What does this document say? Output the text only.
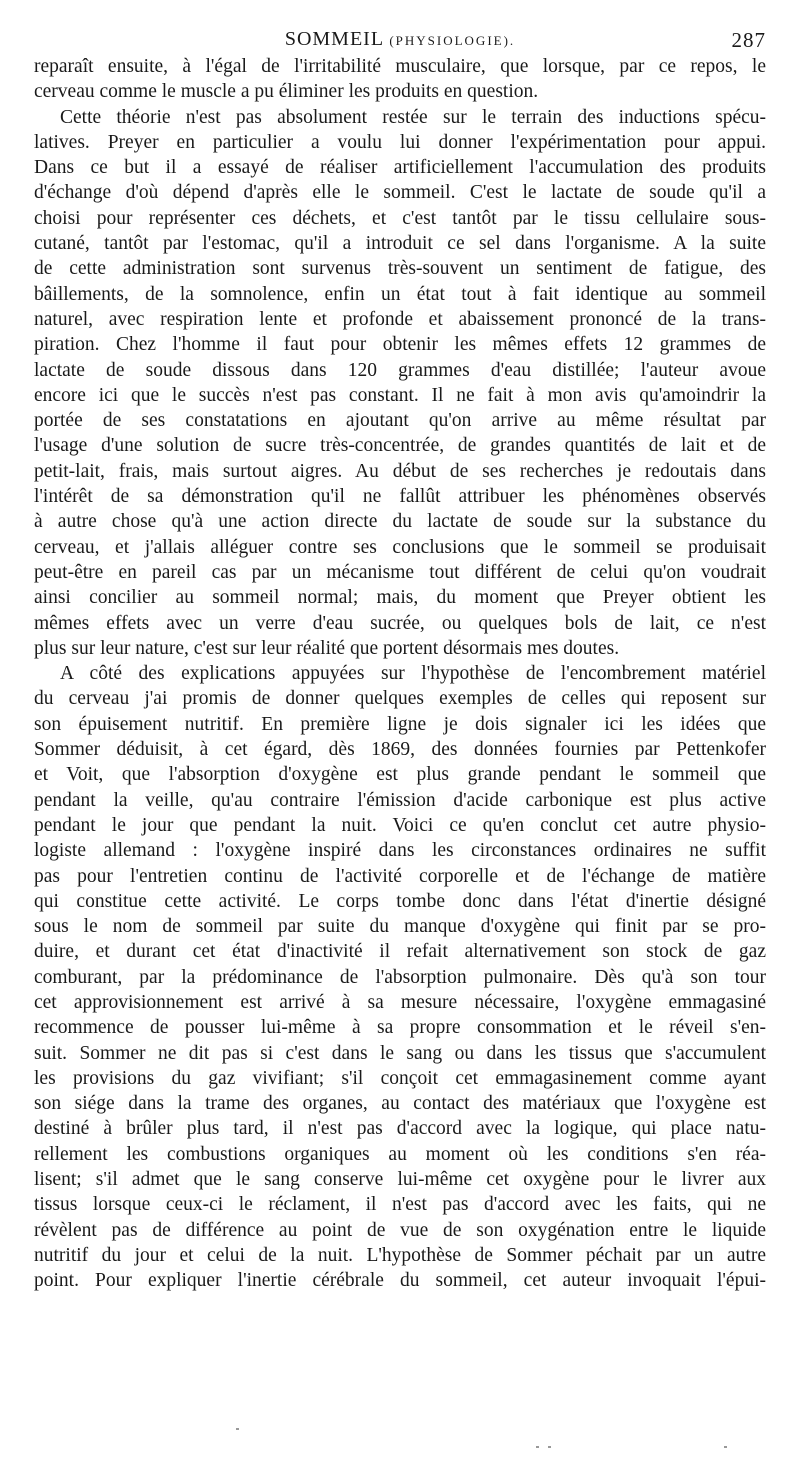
SOMMEIL (PHYSIOLOGIE).	287
reparaît ensuite, à l'égal de l'irritabilité musculaire, que lorsque, par ce repos, le
cerveau comme le muscle a pu éliminer les produits en question.
Cette théorie n'est pas absolument restée sur le terrain des inductions spécu-
latives. Preyer en particulier a voulu lui donner l'expérimentation pour appui.
Dans ce but il a essayé de réaliser artificiellement l'accumulation des produits
d'échange d'où dépend d'après elle le sommeil. C'est le lactate de soude qu'il a
choisi pour représenter ces déchets, et c'est tantôt par le tissu cellulaire sous-
cutané, tantôt par l'estomac, qu'il a introduit ce sel dans l'organisme. A la suite
de cette administration sont survenus très-souvent un sentiment de fatigue, des
bâillements, de la somnolence, enfin un état tout à fait identique au sommeil
naturel, avec respiration lente et profonde et abaissement prononcé de la trans-
piration. Chez l'homme il faut pour obtenir les mêmes effets 12 grammes de
lactate de soude dissous dans 120 grammes d'eau distillée; l'auteur avoue
encore ici que le succès n'est pas constant. Il ne fait à mon avis qu'amoindrir la
portée de ses constatations en ajoutant qu'on arrive au même résultat par
l'usage d'une solution de sucre très-concentrée, de grandes quantités de lait et de
petit-lait, frais, mais surtout aigres. Au début de ses recherches je redoutais dans
l'intérêt de sa démonstration qu'il ne fallût attribuer les phénomènes observés
à autre chose qu'à une action directe du lactate de soude sur la substance du
cerveau, et j'allais alléguer contre ses conclusions que le sommeil se produisait
peut-être en pareil cas par un mécanisme tout différent de celui qu'on voudrait
ainsi concilier au sommeil normal; mais, du moment que Preyer obtient les
mêmes effets avec un verre d'eau sucrée, ou quelques bols de lait, ce n'est
plus sur leur nature, c'est sur leur réalité que portent désormais mes doutes.
A côté des explications appuyées sur l'hypothèse de l'encombrement matériel
du cerveau j'ai promis de donner quelques exemples de celles qui reposent sur
son épuisement nutritif. En première ligne je dois signaler ici les idées que
Sommer déduisit, à cet égard, dès 1869, des données fournies par Pettenkofer
et Voit, que l'absorption d'oxygène est plus grande pendant le sommeil que
pendant la veille, qu'au contraire l'émission d'acide carbonique est plus active
pendant le jour que pendant la nuit. Voici ce qu'en conclut cet autre physio-
logiste allemand : l'oxygène inspiré dans les circonstances ordinaires ne suffit
pas pour l'entretien continu de l'activité corporelle et de l'échange de matière
qui constitue cette activité. Le corps tombe donc dans l'état d'inertie désigné
sous le nom de sommeil par suite du manque d'oxygène qui finit par se pro-
duire, et durant cet état d'inactivité il refait alternativement son stock de gaz
comburant, par la prédominance de l'absorption pulmonaire. Dès qu'à son tour
cet approvisionnement est arrivé à sa mesure nécessaire, l'oxygène emmagasiné
recommence de pousser lui-même à sa propre consommation et le réveil s'en-
suit. Sommer ne dit pas si c'est dans le sang ou dans les tissus que s'accumulent
les provisions du gaz vivifiant; s'il conçoit cet emmagasinement comme ayant
son siége dans la trame des organes, au contact des matériaux que l'oxygène est
destiné à brûler plus tard, il n'est pas d'accord avec la logique, qui place natu-
rellement les combustions organiques au moment où les conditions s'en réa-
lisent; s'il admet que le sang conserve lui-même cet oxygène pour le livrer aux
tissus lorsque ceux-ci le réclament, il n'est pas d'accord avec les faits, qui ne
révèlent pas de différence au point de vue de son oxygénation entre le liquide
nutritif du jour et celui de la nuit. L'hypothèse de Sommer péchait par un autre
point. Pour expliquer l'inertie cérébrale du sommeil, cet auteur invoquait l'épui-
